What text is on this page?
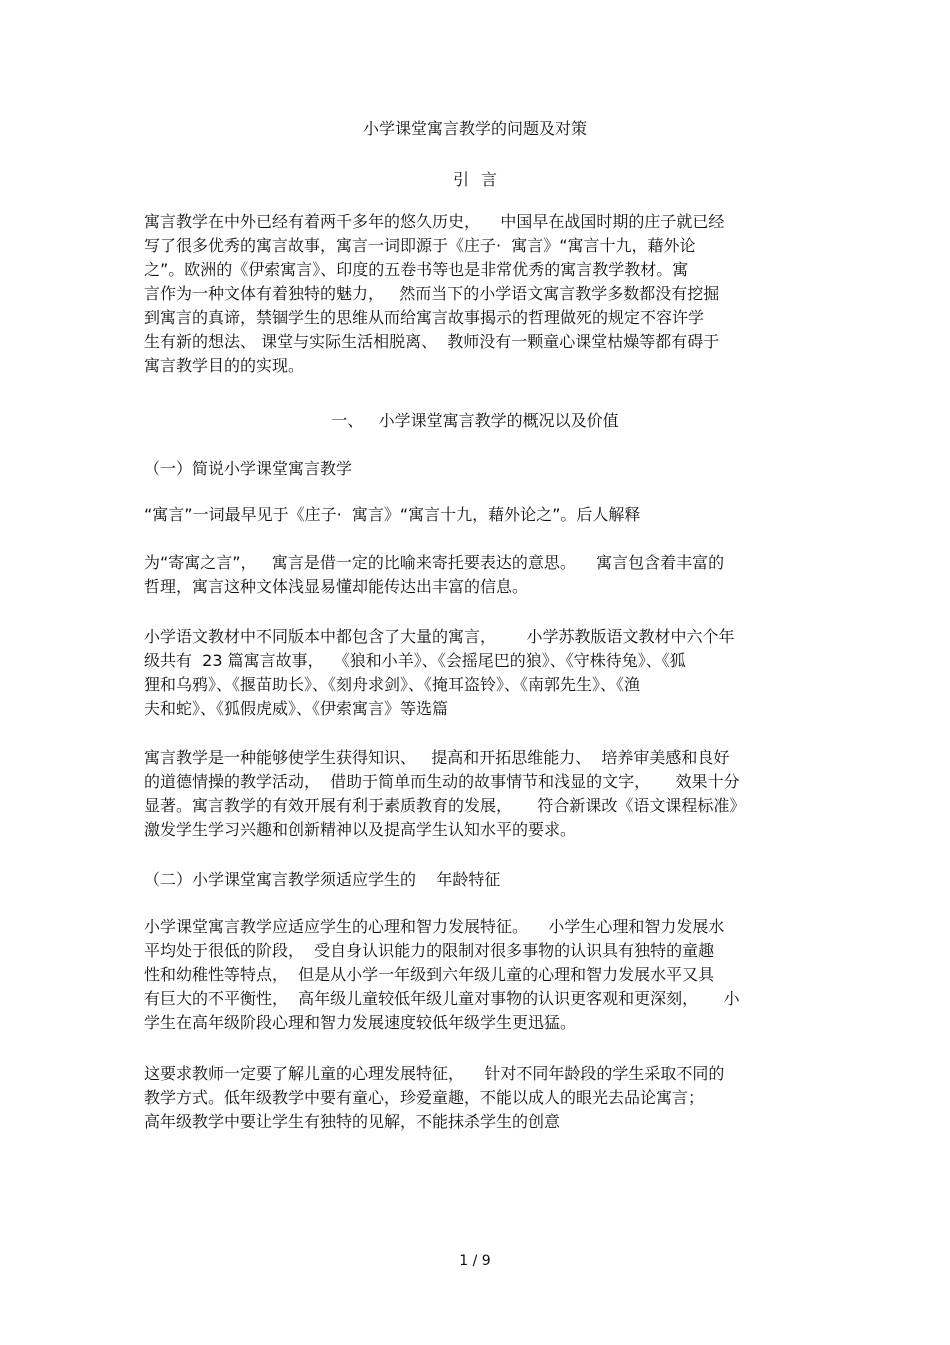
小学课堂寓言教学的问题及对策
引言
寓言教学在中外已经有着两千多年的悠久历史，    中国早在战国时期的庄子就已经
写了很多优秀的寓言故事，寓言一词即源于《庄子·  寓言》“寓言十九，藉外论
之”。欧洲的《伊索寓言》、印度的五卷书等也是非常优秀的寓言教学教材。寓
言作为一种文体有着独特的魅力，   然而当下的小学语文寓言教学多数都没有挖掘
到寓言的真谛，禁锢学生的思维从而给寓言故事揭示的哲理做死的规定不容许学
生有新的想法、 课堂与实际生活相脱离、  教师没有一颗童心课堂枯燥等都有碍于
寓言教学目的的实现。
一、   小学课堂寓言教学的概况以及价值
（一）简说小学课堂寓言教学
“寓言”一词最早见于《庄子·  寓言》“寓言十九，藉外论之”。后人解释
为“寄寓之言”，   寓言是借一定的比喻来寄托要表达的意思。    寓言包含着丰富的
哲理，寓言这种文体浅显易懂却能传达出丰富的信息。
小学语文教材中不同版本中都包含了大量的寓言，      小学苏教版语文教材中六个年
级共有  23 篇寓言故事，  《狼和小羊》、《会摇尾巴的狼》、《守株待兔》、《狐
狸和乌鸦》、《揠苗助长》、《刻舟求剑》、《掩耳盗铃》、《南郭先生》、《渔
夫和蛇》、《狐假虎威》、《伊索寓言》等选篇
寓言教学是一种能够使学生获得知识、   提高和开拓思维能力、  培养审美感和良好
的道德情操的教学活动，  借助于简单而生动的故事情节和浅显的文字，     效果十分
显著。寓言教学的有效开展有利于素质教育的发展，     符合新课改《语文课程标准》
激发学生学习兴趣和创新精神以及提高学生认知水平的要求。
（二）小学课堂寓言教学须适应学生的    年龄特征
小学课堂寓言教学应适应学生的心理和智力发展特征。    小学生心理和智力发展水
平均处于很低的阶段，  受自身认识能力的限制对很多事物的认识具有独特的童趣
性和幼稚性等特点，  但是从小学一年级到六年级儿童的心理和智力发展水平又具
有巨大的不平衡性，  高年级儿童较低年级儿童对事物的认识更客观和更深刻，     小
学生在高年级阶段心理和智力发展速度较低年级学生更迅猛。
这要求教师一定要了解儿童的心理发展特征，    针对不同年龄段的学生采取不同的
教学方式。低年级教学中要有童心，珍爱童趣，不能以成人的眼光去品论寓言；
高年级教学中要让学生有独特的见解，不能抹杀学生的创意
1 / 9
